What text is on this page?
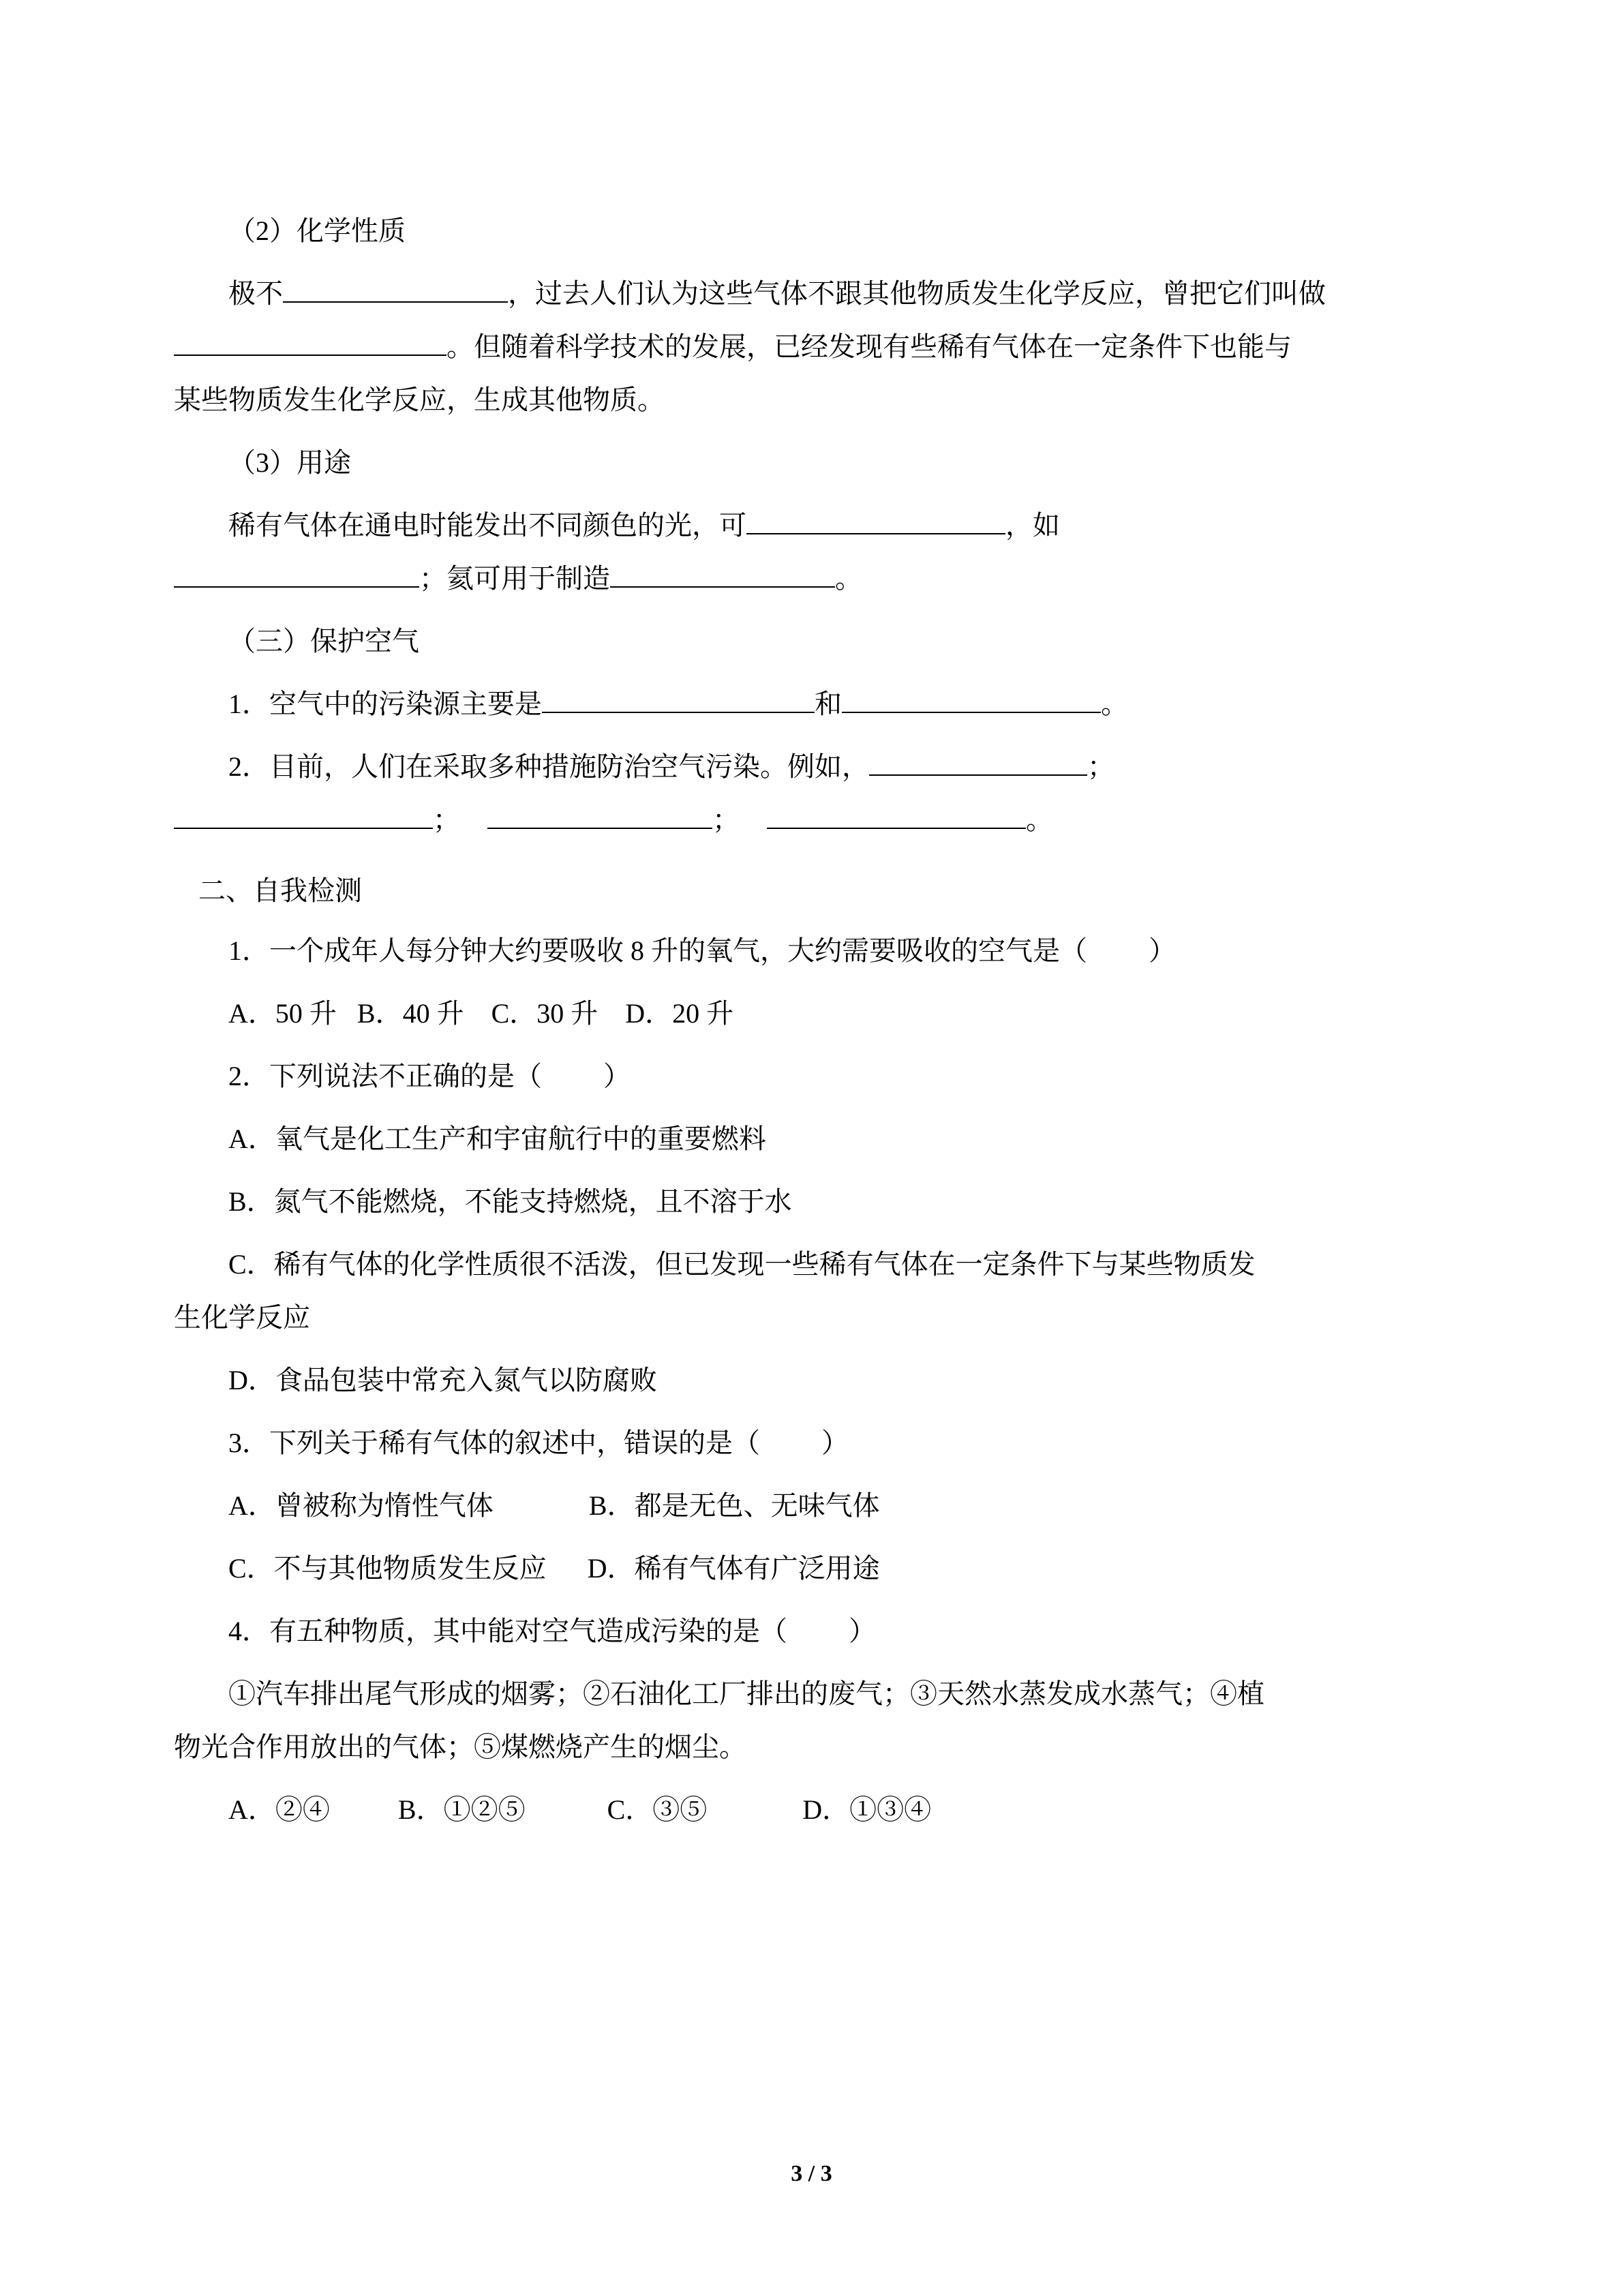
（2）化学性质

极不	，过去人们认为这些气体不跟其他物质发生化学反应，曾把它们叫做
。但随着科学技术的发展，已经发现有些稀有气体在一定条件下也能与
某些物质发生化学反应，生成其他物质。

（3）用途

稀有气体在通电时能发出不同颜色的光，可	，如
；氦可用于制造	。

（三）保护空气

1．空气中的污染源主要是	和	。

2．目前，人们在采取多种措施防治空气污染。例如，	；
；	；	。

二、自我检测

1．一个成年人每分钟大约要吸收 8 升的氧气，大约需要吸收的空气是（ ）

A．50 升   B．40 升    C．30 升    D．20 升

2．下列说法不正确的是（ ）

A．氧气是化工生产和宇宙航行中的重要燃料

B．氮气不能燃烧，不能支持燃烧，且不溶于水

C．稀有气体的化学性质很不活泼，但已发现一些稀有气体在一定条件下与某些物质发
生化学反应

D．食品包装中常充入氮气以防腐败

3．下列关于稀有气体的叙述中，错误的是（ ）

A．曾被称为惰性气体              B．都是无色、无味气体

C．不与其他物质发生反应      D．稀有气体有广泛用途

4．有五种物质，其中能对空气造成污染的是（ ）

①汽车排出尾气形成的烟雾；②石油化工厂排出的废气；③天然水蒸发成水蒸气；④植
物光合作用放出的气体；⑤煤燃烧产生的烟尘。

A．②④          B．①②⑤            C．③⑤              D．①③④

3 / 3
